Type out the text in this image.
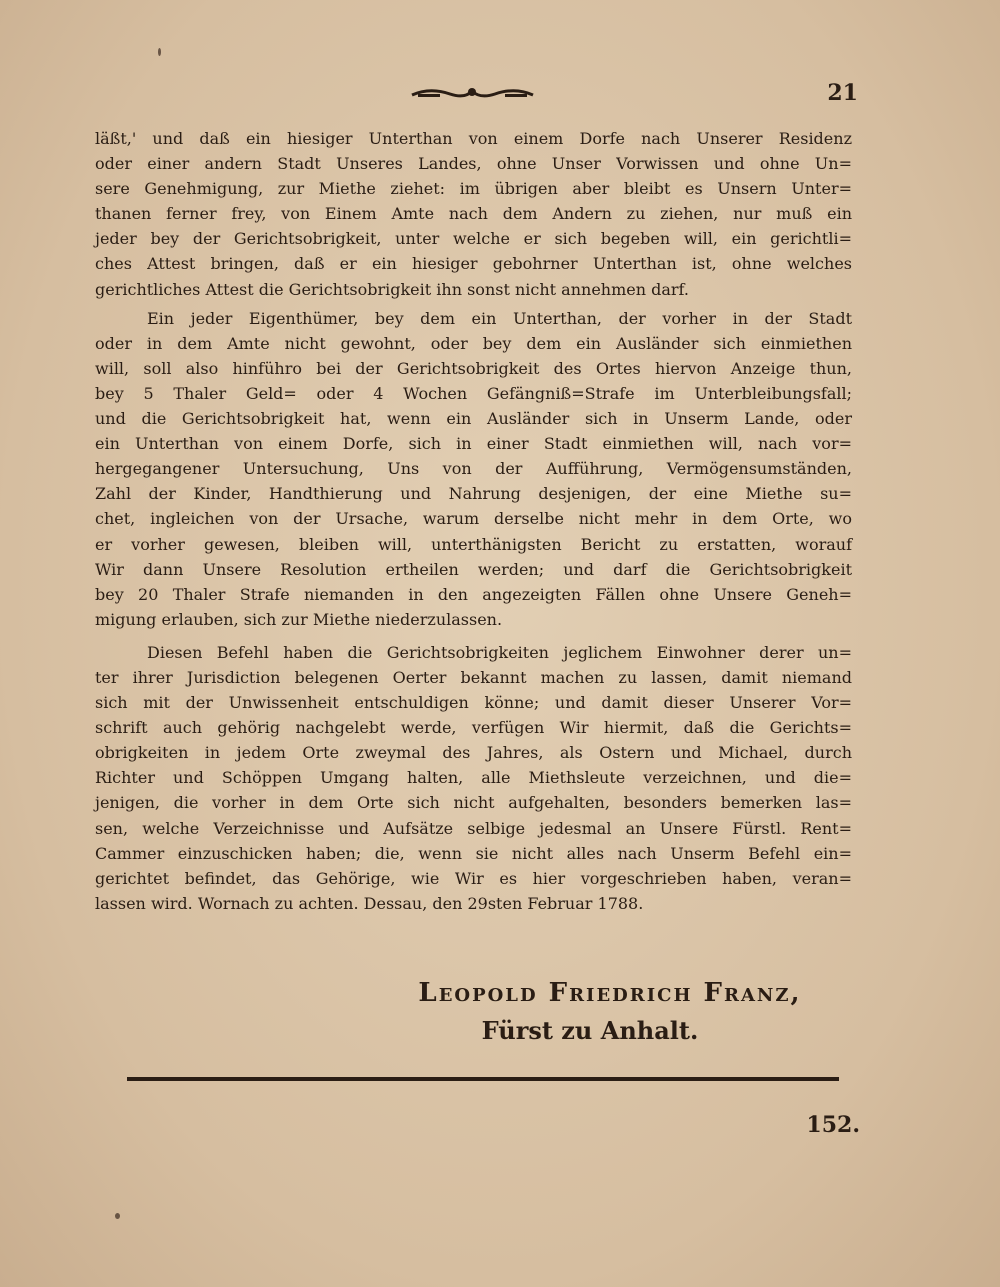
21

läßt,' und daß ein hiesiger Unterthan von einem Dorfe nach Unserer Residenz

oder einer andern Stadt Unseres Landes, ohne Unser Vorwissen und ohne Un=

sere Genehmigung, zur Miethe ziehet: im übrigen aber bleibt es Unsern Unter=

thanen ferner frey, von Einem Amte nach dem Andern zu ziehen, nur muß ein

jeder bey der Gerichtsobrigkeit, unter welche er sich begeben will, ein gerichtli=

ches Attest bringen, daß er ein hiesiger gebohrner Unterthan ist, ohne welches

gerichtliches Attest die Gerichtsobrigkeit ihn sonst nicht annehmen darf.

Ein jeder Eigenthümer, bey dem ein Unterthan, der vorher in der Stadt

oder in dem Amte nicht gewohnt, oder bey dem ein Ausländer sich einmiethen

will, soll also hinführo bei der Gerichtsobrigkeit des Ortes hiervon Anzeige thun,

bey 5 Thaler Geld= oder 4 Wochen Gefängniß=Strafe im Unterbleibungsfall;

und die Gerichtsobrigkeit hat, wenn ein Ausländer sich in Unserm Lande, oder

ein Unterthan von einem Dorfe, sich in einer Stadt einmiethen will, nach vor=

hergegangener Untersuchung, Uns von der Aufführung, Vermögensumständen,

Zahl der Kinder, Handthierung und Nahrung desjenigen, der eine Miethe su=

chet, ingleichen von der Ursache, warum derselbe nicht mehr in dem Orte, wo

er vorher gewesen, bleiben will, unterthänigsten Bericht zu erstatten, worauf

Wir dann Unsere Resolution ertheilen werden; und darf die Gerichtsobrigkeit

bey 20 Thaler Strafe niemanden in den angezeigten Fällen ohne Unsere Geneh=

migung erlauben, sich zur Miethe niederzulassen.

Diesen Befehl haben die Gerichtsobrigkeiten jeglichem Einwohner derer un=

ter ihrer Jurisdiction belegenen Oerter bekannt machen zu lassen, damit niemand

sich mit der Unwissenheit entschuldigen könne; und damit dieser Unserer Vor=

schrift auch gehörig nachgelebt werde, verfügen Wir hiermit, daß die Gerichts=

obrigkeiten in jedem Orte zweymal des Jahres, als Ostern und Michael, durch

Richter und Schöppen Umgang halten, alle Miethsleute verzeichnen, und die=

jenigen, die vorher in dem Orte sich nicht aufgehalten, besonders bemerken las=

sen, welche Verzeichnisse und Aufsätze selbige jedesmal an Unsere Fürstl. Rent=

Cammer einzuschicken haben; die, wenn sie nicht alles nach Unserm Befehl ein=

gerichtet befindet, das Gehörige, wie Wir es hier vorgeschrieben haben, veran=

lassen wird. Wornach zu achten. Dessau, den 29sten Februar 1788.

Leopold Friedrich Franz,
Fürst zu Anhalt.
152.
